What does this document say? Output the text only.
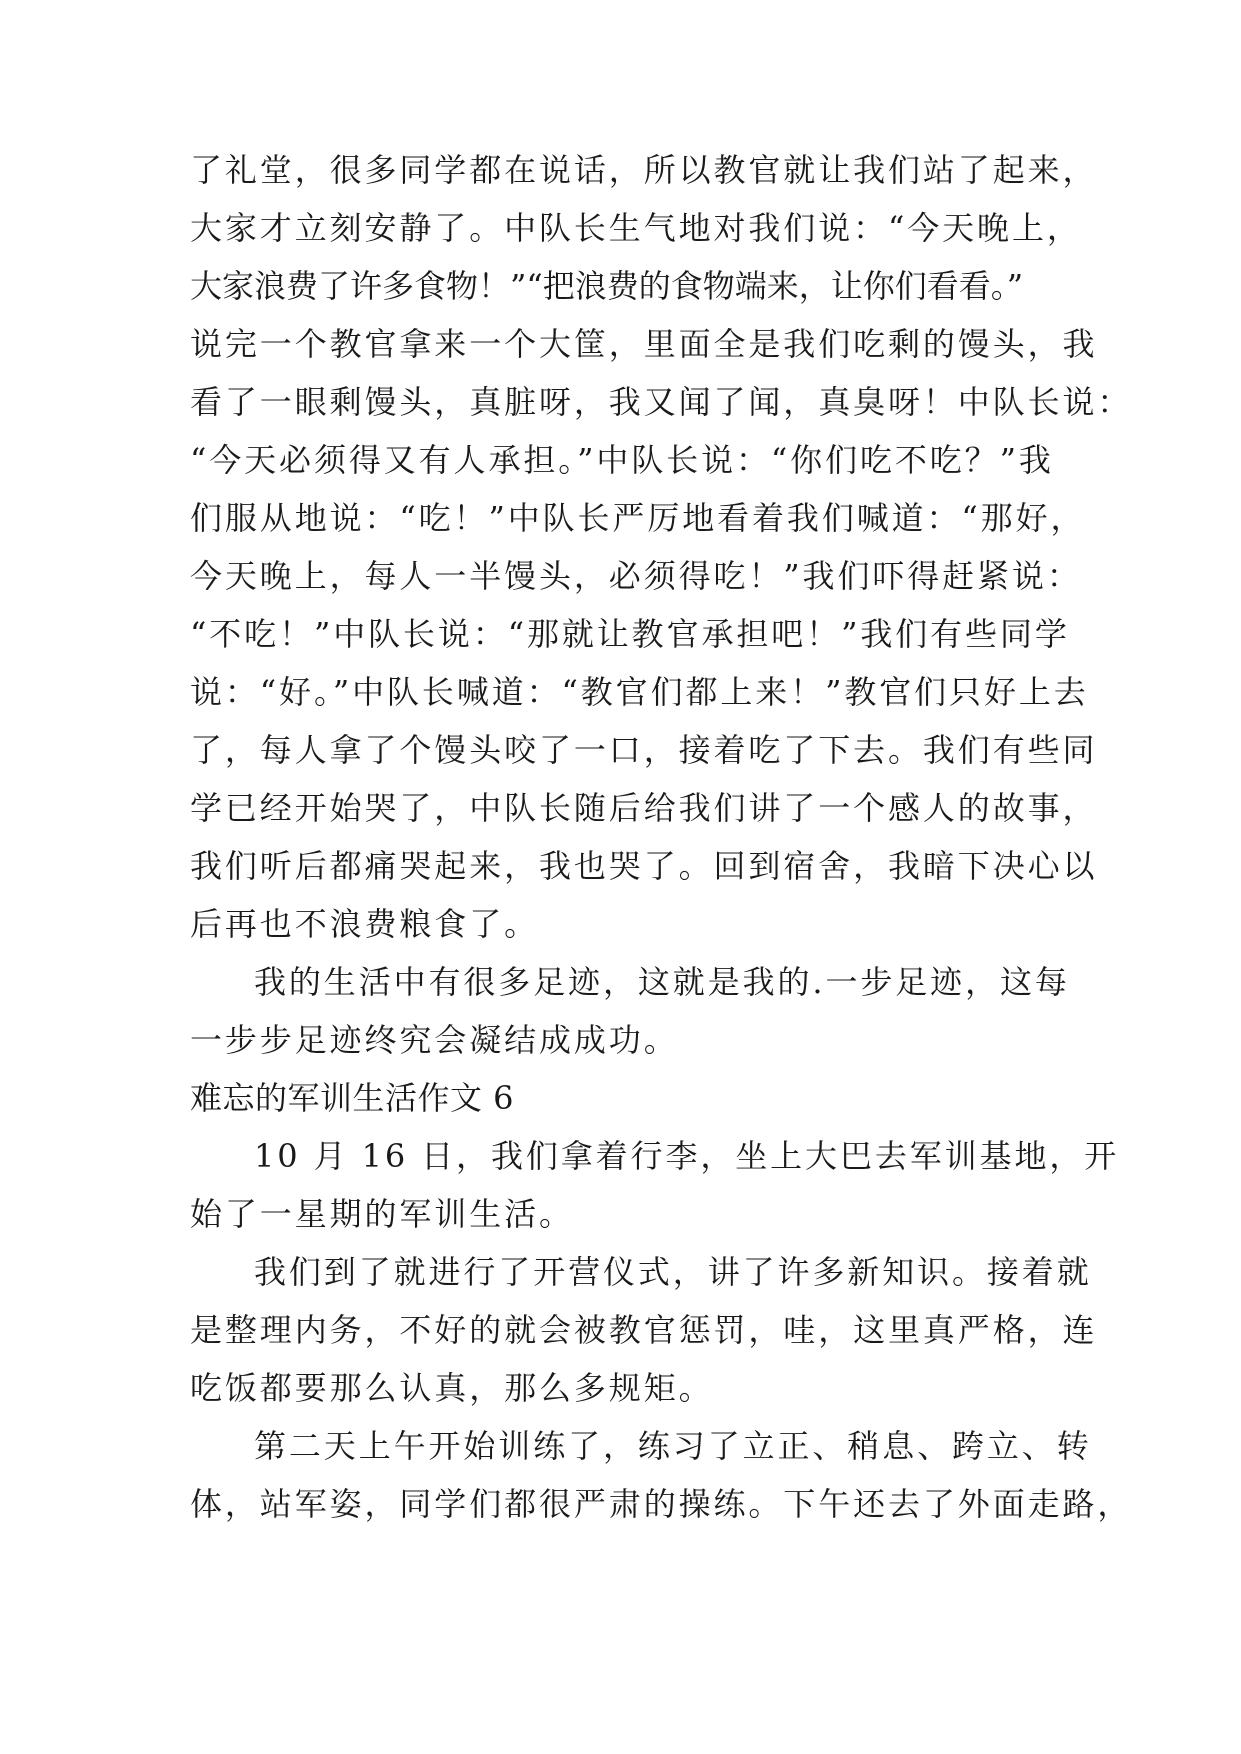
了礼堂，很多同学都在说话，所以教官就让我们站了起来，
大家才立刻安静了。中队长生气地对我们说：“今天晚上，
大家浪费了许多食物！”“把浪费的食物端来，让你们看看。”
说完一个教官拿来一个大筐，里面全是我们吃剩的馒头，我
看了一眼剩馒头，真脏呀，我又闻了闻，真臭呀！中队长说：
“今天必须得又有人承担。”中队长说：“你们吃不吃？”我
们服从地说：“吃！”中队长严厉地看着我们喊道：“那好，
今天晚上，每人一半馒头，必须得吃！”我们吓得赶紧说：
“不吃！”中队长说：“那就让教官承担吧！”我们有些同学
说：“好。”中队长喊道：“教官们都上来！”教官们只好上去
了，每人拿了个馒头咬了一口，接着吃了下去。我们有些同
学已经开始哭了，中队长随后给我们讲了一个感人的故事，
我们听后都痛哭起来，我也哭了。回到宿舍，我暗下决心以
后再也不浪费粮食了。
我的生活中有很多足迹，这就是我的.一步足迹，这每
一步步足迹终究会凝结成成功。
难忘的军训生活作文 6
10 月 16 日，我们拿着行李，坐上大巴去军训基地，开
始了一星期的军训生活。
我们到了就进行了开营仪式，讲了许多新知识。接着就
是整理内务，不好的就会被教官惩罚，哇，这里真严格，连
吃饭都要那么认真，那么多规矩。
第二天上午开始训练了，练习了立正、稍息、跨立、转
体，站军姿，同学们都很严肃的操练。下午还去了外面走路，
